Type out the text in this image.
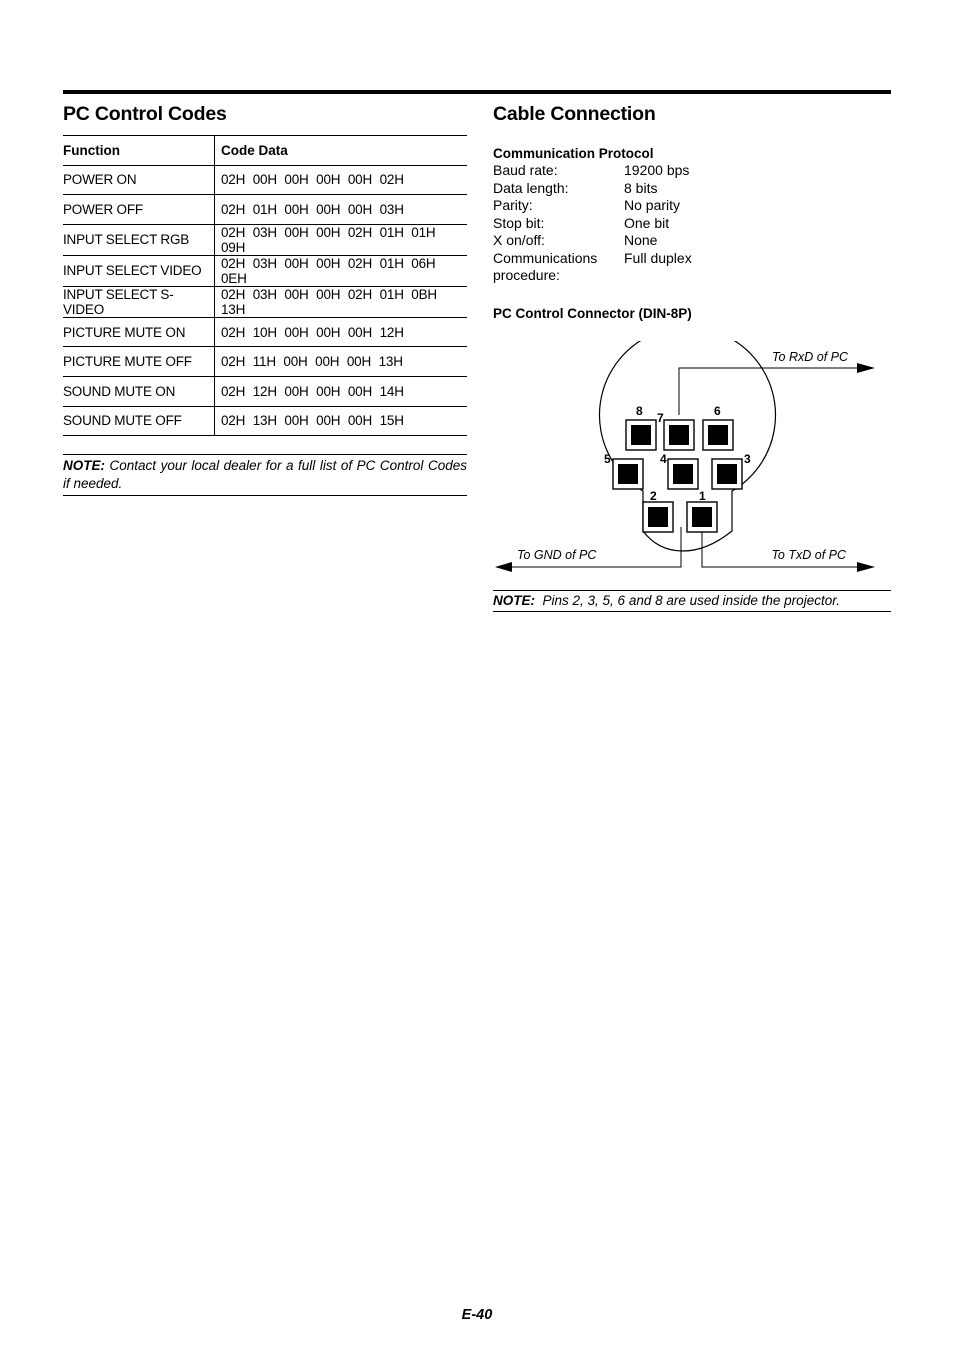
PC Control Codes
Function	Code Data
POWER ON	02H 00H 00H 00H 00H 02H
POWER OFF	02H 01H 00H 00H 00H 03H
INPUT SELECT RGB	02H 03H 00H 00H 02H 01H 01H 09H
INPUT SELECT VIDEO	02H 03H 00H 00H 02H 01H 06H 0EH
INPUT SELECT S-VIDEO	02H 03H 00H 00H 02H 01H 0BH 13H
PICTURE MUTE ON	02H 10H 00H 00H 00H 12H
PICTURE MUTE OFF	02H 11H 00H 00H 00H 13H
SOUND MUTE ON	02H 12H 00H 00H 00H 14H
SOUND MUTE OFF	02H 13H 00H 00H 00H 15H
NOTE: Contact your local dealer for a full list of PC Control Codes if needed.
Cable Connection
Communication Protocol
Baud rate:	19200 bps
Data length:	8 bits
Parity:	No parity
Stop bit:	One bit
X on/off:	None
Communications	Full duplex
procedure:
PC Control Connector (DIN-8P)
8 7	6
5	4	3
2	1
To RxD of PC
To GND of PC	To TxD of PC
NOTE: Pins 2, 3, 5, 6 and 8 are used inside the projector.
E-40
